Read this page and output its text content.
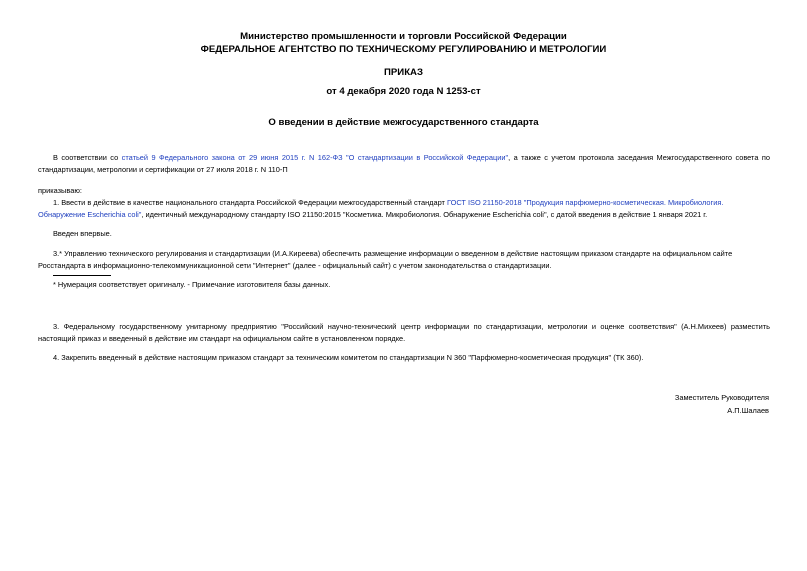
Министерство промышленности и торговли Российской Федерации
ФЕДЕРАЛЬНОЕ АГЕНТСТВО ПО ТЕХНИЧЕСКОМУ РЕГУЛИРОВАНИЮ И МЕТРОЛОГИИ
ПРИКАЗ
от 4 декабря 2020 года N 1253-ст
О введении в действие межгосударственного стандарта
В соответствии со статьей 9 Федерального закона от 29 июня 2015 г. N 162-ФЗ "О стандартизации в Российской Федерации", а также с учетом протокола заседания Межгосударственного совета по стандартизации, метрологии и сертификации от 27 июля 2018 г. N 110-П
приказываю:
1. Ввести в действие в качестве национального стандарта Российской Федерации межгосударственный стандарт ГОСТ ISO 21150-2018 "Продукция парфюмерно-косметическая. Микробиология. Обнаружение Escherichia coli", идентичный международному стандарту ISO 21150:2015 "Косметика. Микробиология. Обнаружение Escherichia coli", с датой введения в действие 1 января 2021 г.
Введен впервые.
3.* Управлению технического регулирования и стандартизации (И.А.Киреева) обеспечить размещение информации о введенном в действие настоящим приказом стандарте на официальном сайте Росстандарта в информационно-телекоммуникационной сети "Интернет" (далее - официальный сайт) с учетом законодательства о стандартизации.
* Нумерация соответствует оригиналу. - Примечание изготовителя базы данных.
3. Федеральному государственному унитарному предприятию "Российский научно-технический центр информации по стандартизации, метрологии и оценке соответствия" (А.Н.Михеев) разместить настоящий приказ и введенный в действие им стандарт на официальном сайте в установленном порядке.
4. Закрепить введенный в действие настоящим приказом стандарт за техническим комитетом по стандартизации N 360 "Парфюмерно-косметическая продукция" (ТК 360).
Заместитель Руководителя
А.П.Шалаев
